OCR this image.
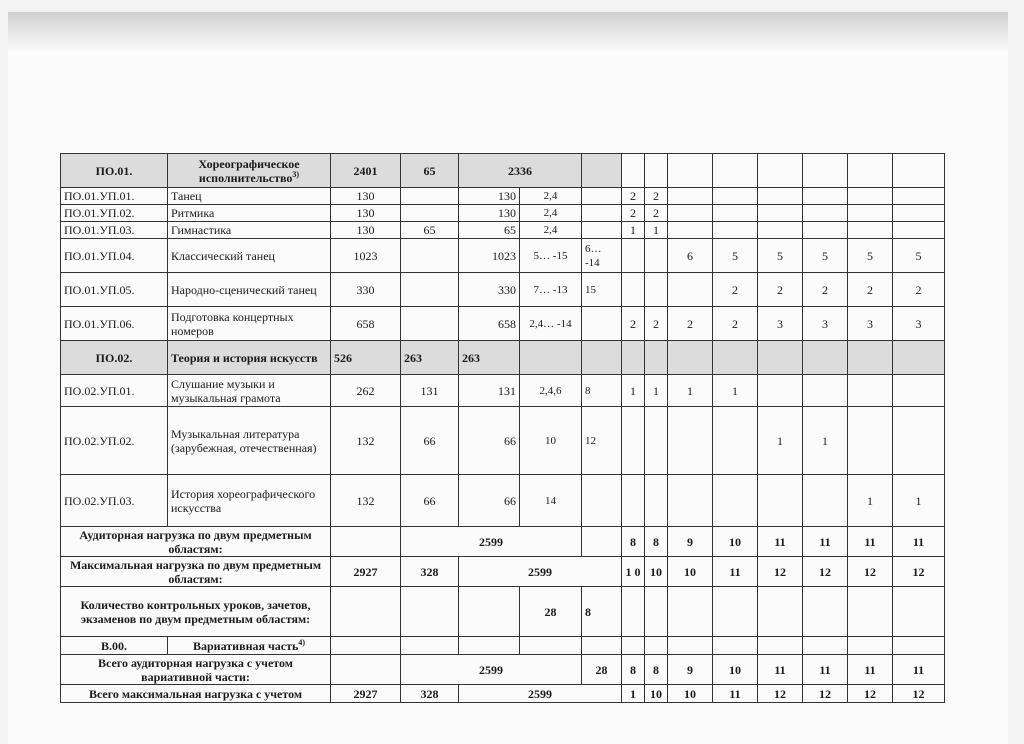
ПО.01.	Хореографическое исполнительство$^{3)}$	2401	65	2336										
ПО.01.УП.01.	Танец	130		130	2,4		2	2						
ПО.01.УП.02.	Ритмика	130		130	2,4		2	2						
ПО.01.УП.03.	Гимнастика	130	65	65	2,4		1	1						
ПО.01.УП.04.	Классический танец	1023		1023	5… -15	6… -14			6	5	5	5	5	5
ПО.01.УП.05.	Народно-сценический танец	330		330	7… -13	15				2	2	2	2	2
ПО.01.УП.06.	Подготовка концертных номеров	658		658	2,4… -14		2	2	2	2	3	3	3	3
ПО.02.	Теория и история искусств	526	263	263										
ПО.02.УП.01.	Слушание музыки и музыкальная грамота	262	131	131	2,4,6	8	1	1	1	1				
ПО.02.УП.02.	Музыкальная литература (зарубежная, отечественная)	132	66	66	10	12					1	1		
ПО.02.УП.03.	История хореографического искусства	132	66	66	14								1	1
Аудиторная нагрузка по двум предметным областям:			2599				8	8	9	10	11	11	11	11
Максимальная нагрузка по двум предметным областям:		2927	328	2599			1 0	10	10	11	12	12	12	12
Количество контрольных уроков, зачетов, экзаменов по двум предметным областям:					28	8								
В.00.	Вариативная часть$^{4)}$													
Всего аудиторная нагрузка с учетом вариативной части:			2599			28	8	8	9	10	11	11	11	11
Всего максимальная нагрузка с учетом		2927	328	2599			1	10	10	11	12	12	12	12
